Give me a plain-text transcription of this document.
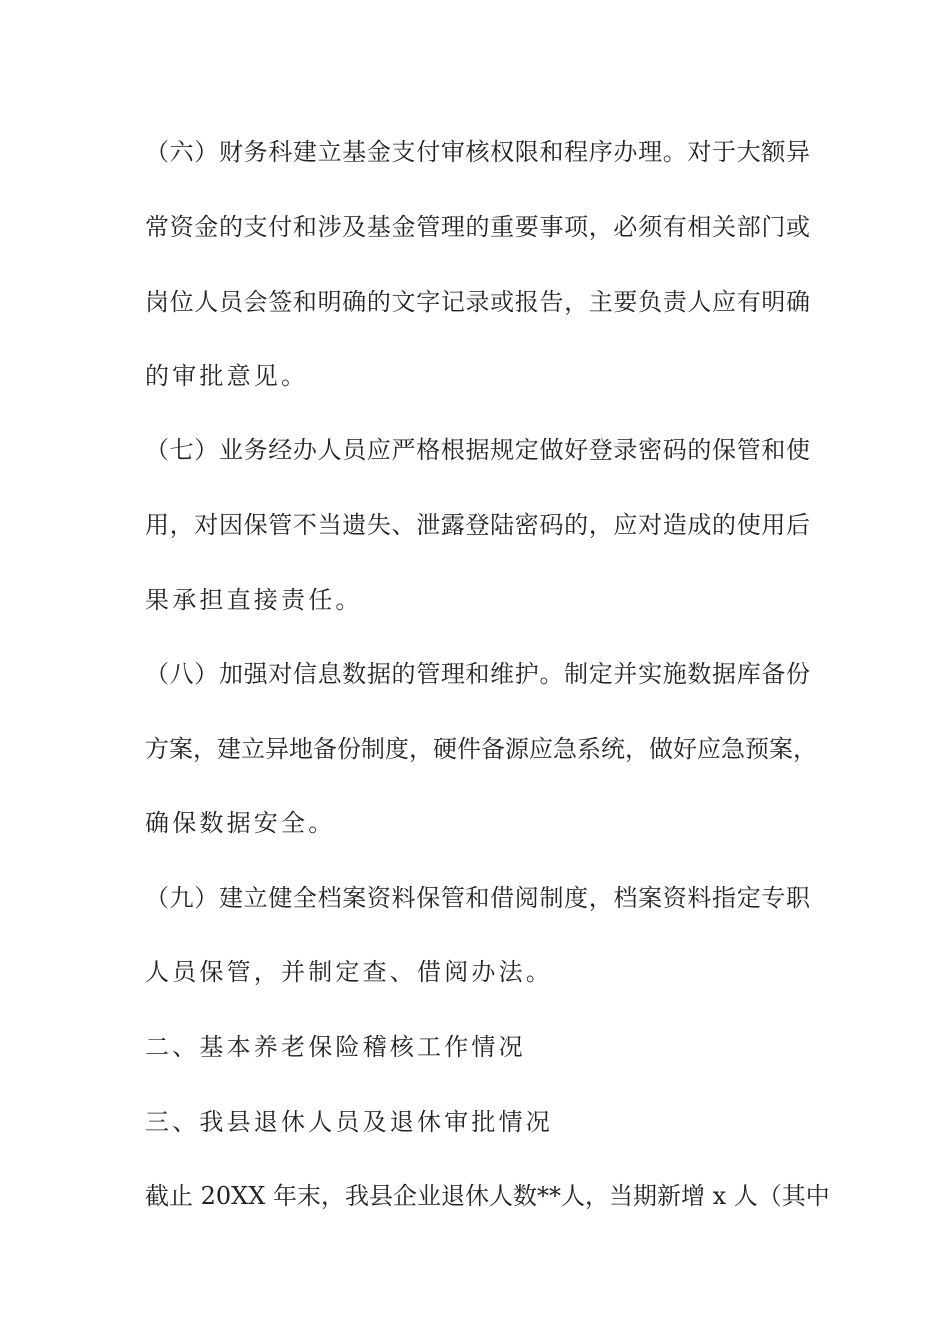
（六）财务科建立基金支付审核权限和程序办理。对于大额异
常资金的支付和涉及基金管理的重要事项，必须有相关部门或
岗位人员会签和明确的文字记录或报告，主要负责人应有明确
的审批意见。
（七）业务经办人员应严格根据规定做好登录密码的保管和使
用，对因保管不当遗失、泄露登陆密码的，应对造成的使用后
果承担直接责任。
（八）加强对信息数据的管理和维护。制定并实施数据库备份
方案，建立异地备份制度，硬件备源应急系统，做好应急预案，
确保数据安全。
（九）建立健全档案资料保管和借阅制度，档案资料指定专职
人员保管，并制定查、借阅办法。
二、基本养老保险稽核工作情况
三、我县退休人员及退休审批情况
截止 20XX 年末，我县企业退休人数**人，当期新增 x 人（其中
